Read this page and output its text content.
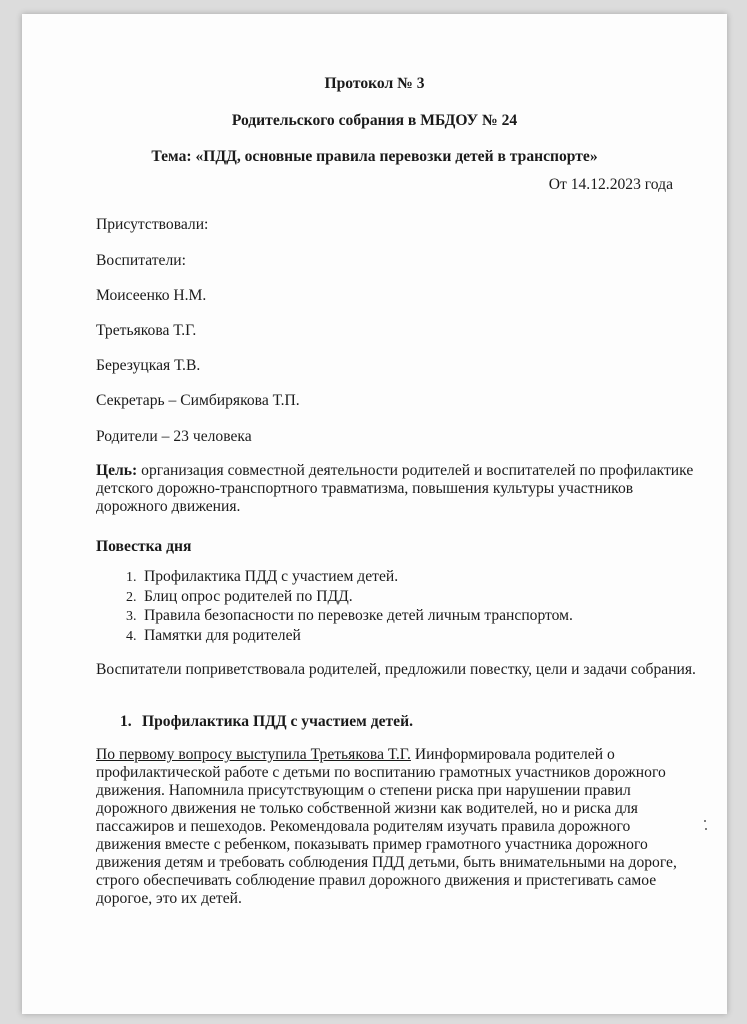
Протокол № 3
Родительского собрания в МБДОУ № 24
Тема: «ПДД, основные правила перевозки детей в транспорте»
От 14.12.2023 года
Присутствовали:
Воспитатели:
Моисеенко Н.М.
Третьякова Т.Г.
Березуцкая Т.В.
Секретарь – Симбирякова Т.П.
Родители – 23 человека
Цель: организация совместной деятельности родителей и воспитателей по профилактике детского дорожно-транспортного травматизма, повышения культуры участников дорожного движения.
Повестка дня
1. Профилактика ПДД с участием детей.
2. Блиц опрос родителей по ПДД.
3. Правила безопасности по перевозке детей личным транспортом.
4. Памятки для родителей
Воспитатели поприветствовала родителей, предложили повестку, цели и задачи собрания.
1. Профилактика ПДД с участием детей.
По первому вопросу выступила Третьякова Т.Г. Иинформировала родителей о профилактической работе с детьми по воспитанию грамотных участников дорожного движения. Напомнила присутствующим о степени риска при нарушении правил дорожного движения не только собственной жизни как водителей, но и риска для пассажиров и пешеходов. Рекомендовала родителям изучать правила дорожного движения вместе с ребенком, показывать пример грамотного участника дорожного движения детям и требовать соблюдения ПДД детьми, быть внимательными на дороге, строго обеспечивать соблюдение правил дорожного движения и пристегивать самое дорогое, это их детей.
